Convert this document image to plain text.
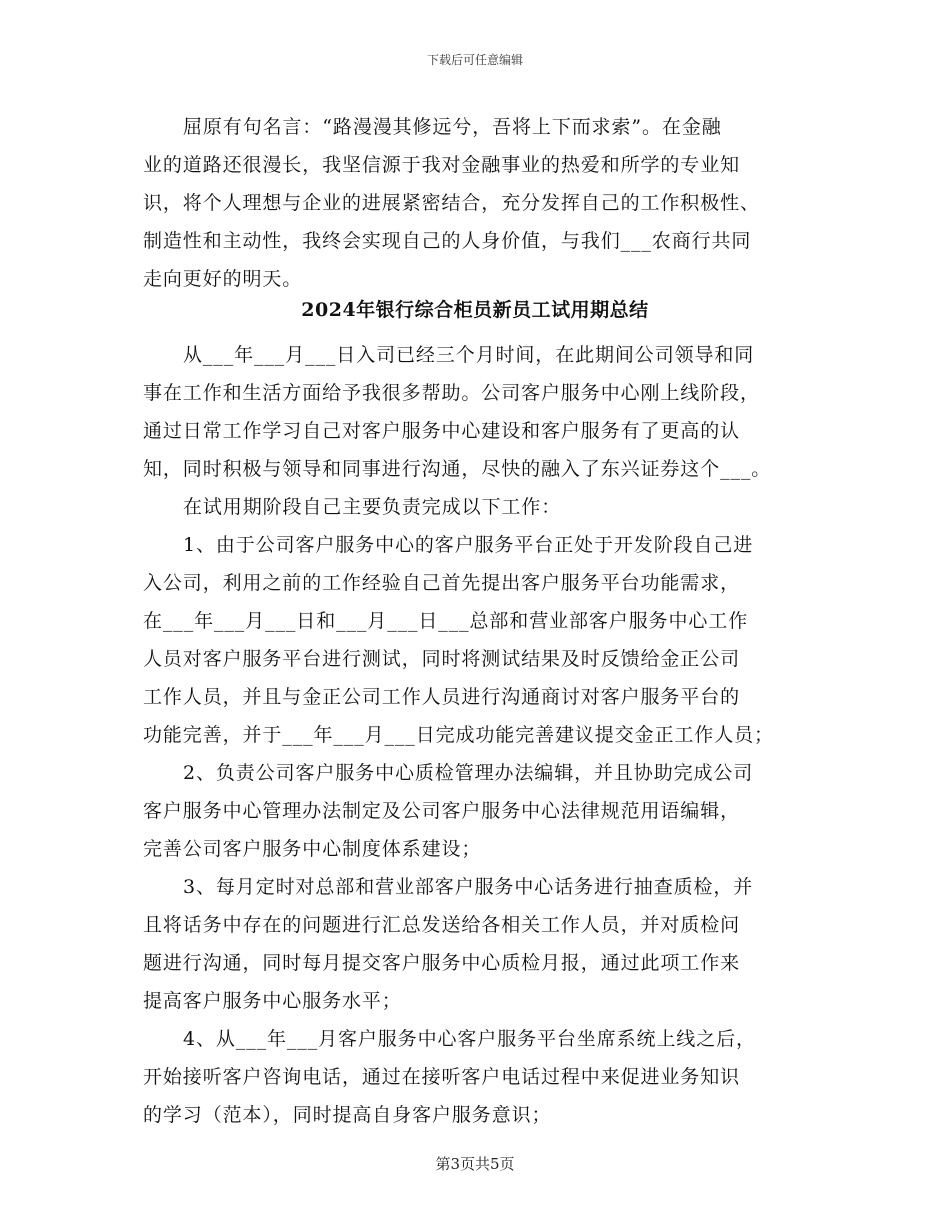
下载后可任意编辑
屈原有句名言：“路漫漫其修远兮，吾将上下而求索”。在金融
业的道路还很漫长，我坚信源于我对金融事业的热爱和所学的专业知
识，将个人理想与企业的进展紧密结合，充分发挥自己的工作积极性、
制造性和主动性，我终会实现自己的人身价值，与我们___农商行共同
走向更好的明天。
2024年银行综合柜员新员工试用期总结
从___年___月___日入司已经三个月时间，在此期间公司领导和同
事在工作和生活方面给予我很多帮助。公司客户服务中心刚上线阶段，
通过日常工作学习自己对客户服务中心建设和客户服务有了更高的认
知，同时积极与领导和同事进行沟通，尽快的融入了东兴证券这个___。
在试用期阶段自己主要负责完成以下工作：
1、由于公司客户服务中心的客户服务平台正处于开发阶段自己进
入公司，利用之前的工作经验自己首先提出客户服务平台功能需求，
在___年___月___日和___月___日___总部和营业部客户服务中心工作
人员对客户服务平台进行测试，同时将测试结果及时反馈给金正公司
工作人员，并且与金正公司工作人员进行沟通商讨对客户服务平台的
功能完善，并于___年___月___日完成功能完善建议提交金正工作人员；
2、负责公司客户服务中心质检管理办法编辑，并且协助完成公司
客户服务中心管理办法制定及公司客户服务中心法律规范用语编辑，
完善公司客户服务中心制度体系建设；
3、每月定时对总部和营业部客户服务中心话务进行抽查质检，并
且将话务中存在的问题进行汇总发送给各相关工作人员，并对质检问
题进行沟通，同时每月提交客户服务中心质检月报，通过此项工作来
提高客户服务中心服务水平；
4、从___年___月客户服务中心客户服务平台坐席系统上线之后，
开始接听客户咨询电话，通过在接听客户电话过程中来促进业务知识
的学习（范本），同时提高自身客户服务意识；
第3页共5页
